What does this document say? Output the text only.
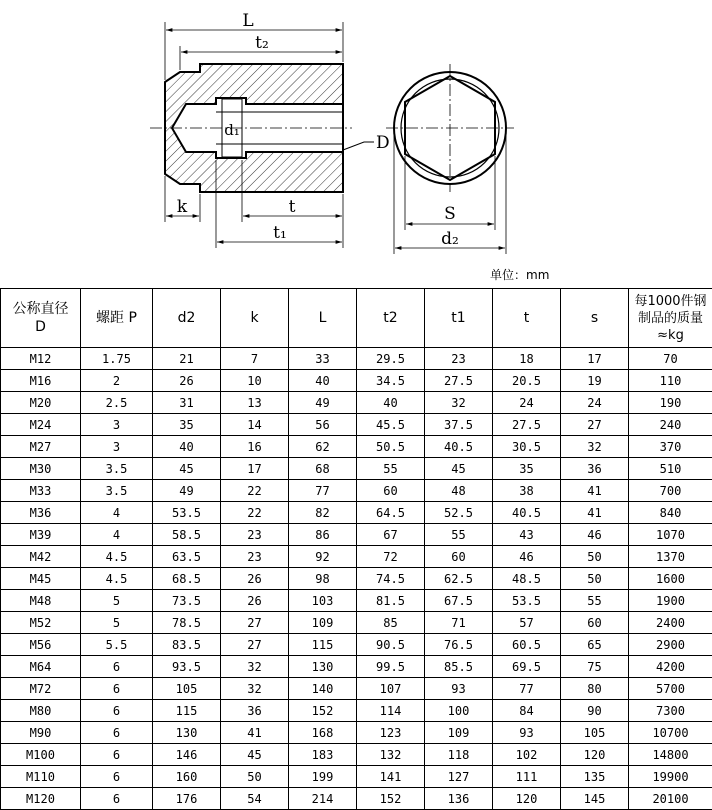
L
t₂
d₁
D
k	t
t₁
S
d₂
单位：mm
公称直径
D	螺距 P	d2	k	L	t2	t1	t	s	每1000件钢
制品的质量
≈kg

M12	1.75	21	7	33	29.5	23	18	17	70
M16	2	26	10	40	34.5	27.5	20.5	19	110
M20	2.5	31	13	49	40	32	24	24	190
M24	3	35	14	56	45.5	37.5	27.5	27	240
M27	3	40	16	62	50.5	40.5	30.5	32	370
M30	3.5	45	17	68	55	45	35	36	510
M33	3.5	49	22	77	60	48	38	41	700
M36	4	53.5	22	82	64.5	52.5	40.5	41	840
M39	4	58.5	23	86	67	55	43	46	1070
M42	4.5	63.5	23	92	72	60	46	50	1370
M45	4.5	68.5	26	98	74.5	62.5	48.5	50	1600
M48	5	73.5	26	103	81.5	67.5	53.5	55	1900
M52	5	78.5	27	109	85	71	57	60	2400
M56	5.5	83.5	27	115	90.5	76.5	60.5	65	2900
M64	6	93.5	32	130	99.5	85.5	69.5	75	4200
M72	6	105	32	140	107	93	77	80	5700
M80	6	115	36	152	114	100	84	90	7300
M90	6	130	41	168	123	109	93	105	10700
M100	6	146	45	183	132	118	102	120	14800
M110	6	160	50	199	141	127	111	135	19900
M120	6	176	54	214	152	136	120	145	20100
